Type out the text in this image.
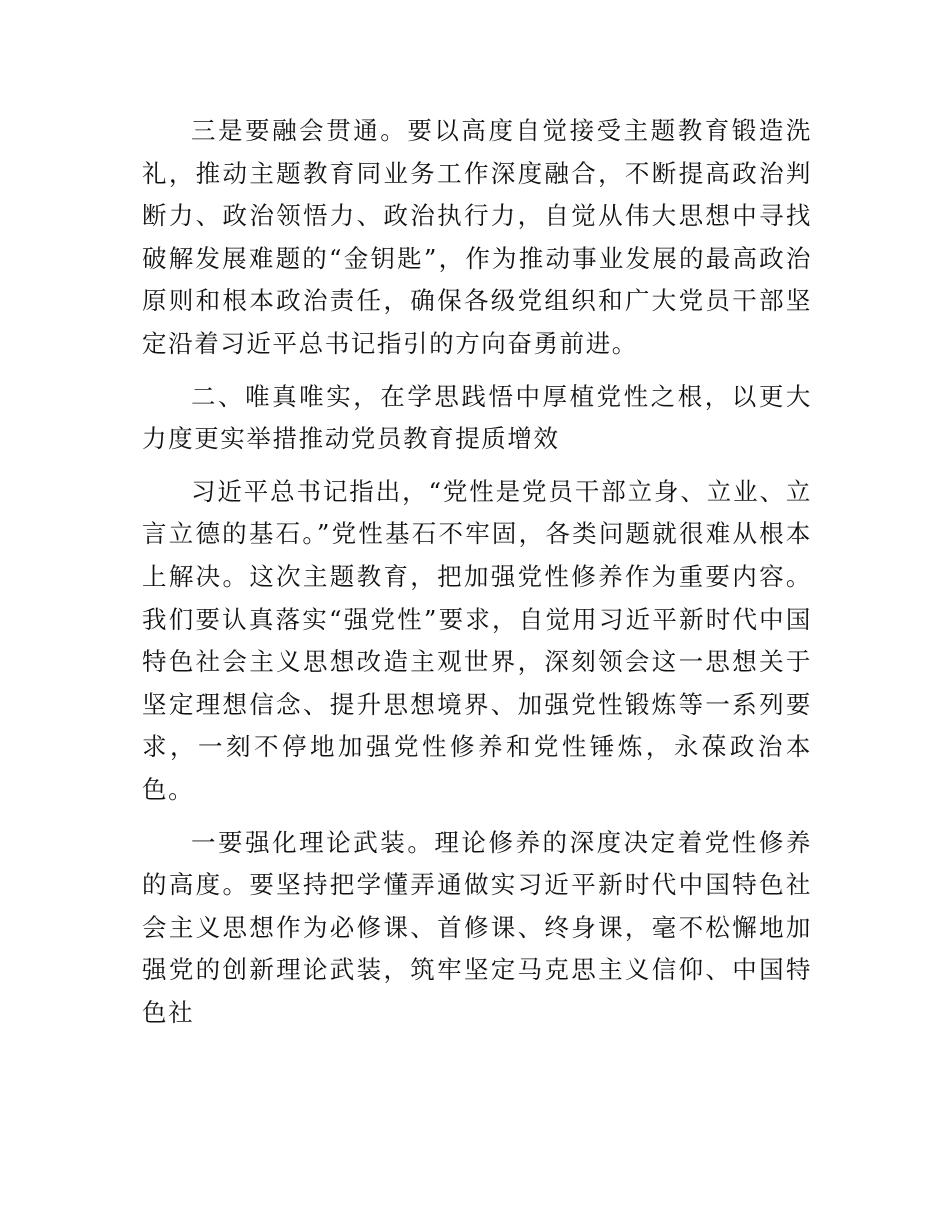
三是要融会贯通。要以高度自觉接受主题教育锻造洗礼，推动主题教育同业务工作深度融合，不断提高政治判断力、政治领悟力、政治执行力，自觉从伟大思想中寻找破解发展难题的“金钥匙”，作为推动事业发展的最高政治原则和根本政治责任，确保各级党组织和广大党员干部坚定沿着习近平总书记指引的方向奋勇前进。

二、唯真唯实，在学思践悟中厚植党性之根，以更大力度更实举措推动党员教育提质增效

习近平总书记指出，“党性是党员干部立身、立业、立言立德的基石。”党性基石不牢固，各类问题就很难从根本上解决。这次主题教育，把加强党性修养作为重要内容。我们要认真落实“强党性”要求，自觉用习近平新时代中国特色社会主义思想改造主观世界，深刻领会这一思想关于坚定理想信念、提升思想境界、加强党性锻炼等一系列要求，一刻不停地加强党性修养和党性锤炼，永葆政治本色。

一要强化理论武装。理论修养的深度决定着党性修养的高度。要坚持把学懂弄通做实习近平新时代中国特色社会主义思想作为必修课、首修课、终身课，毫不松懈地加强党的创新理论武装，筑牢坚定马克思主义信仰、中国特色社
